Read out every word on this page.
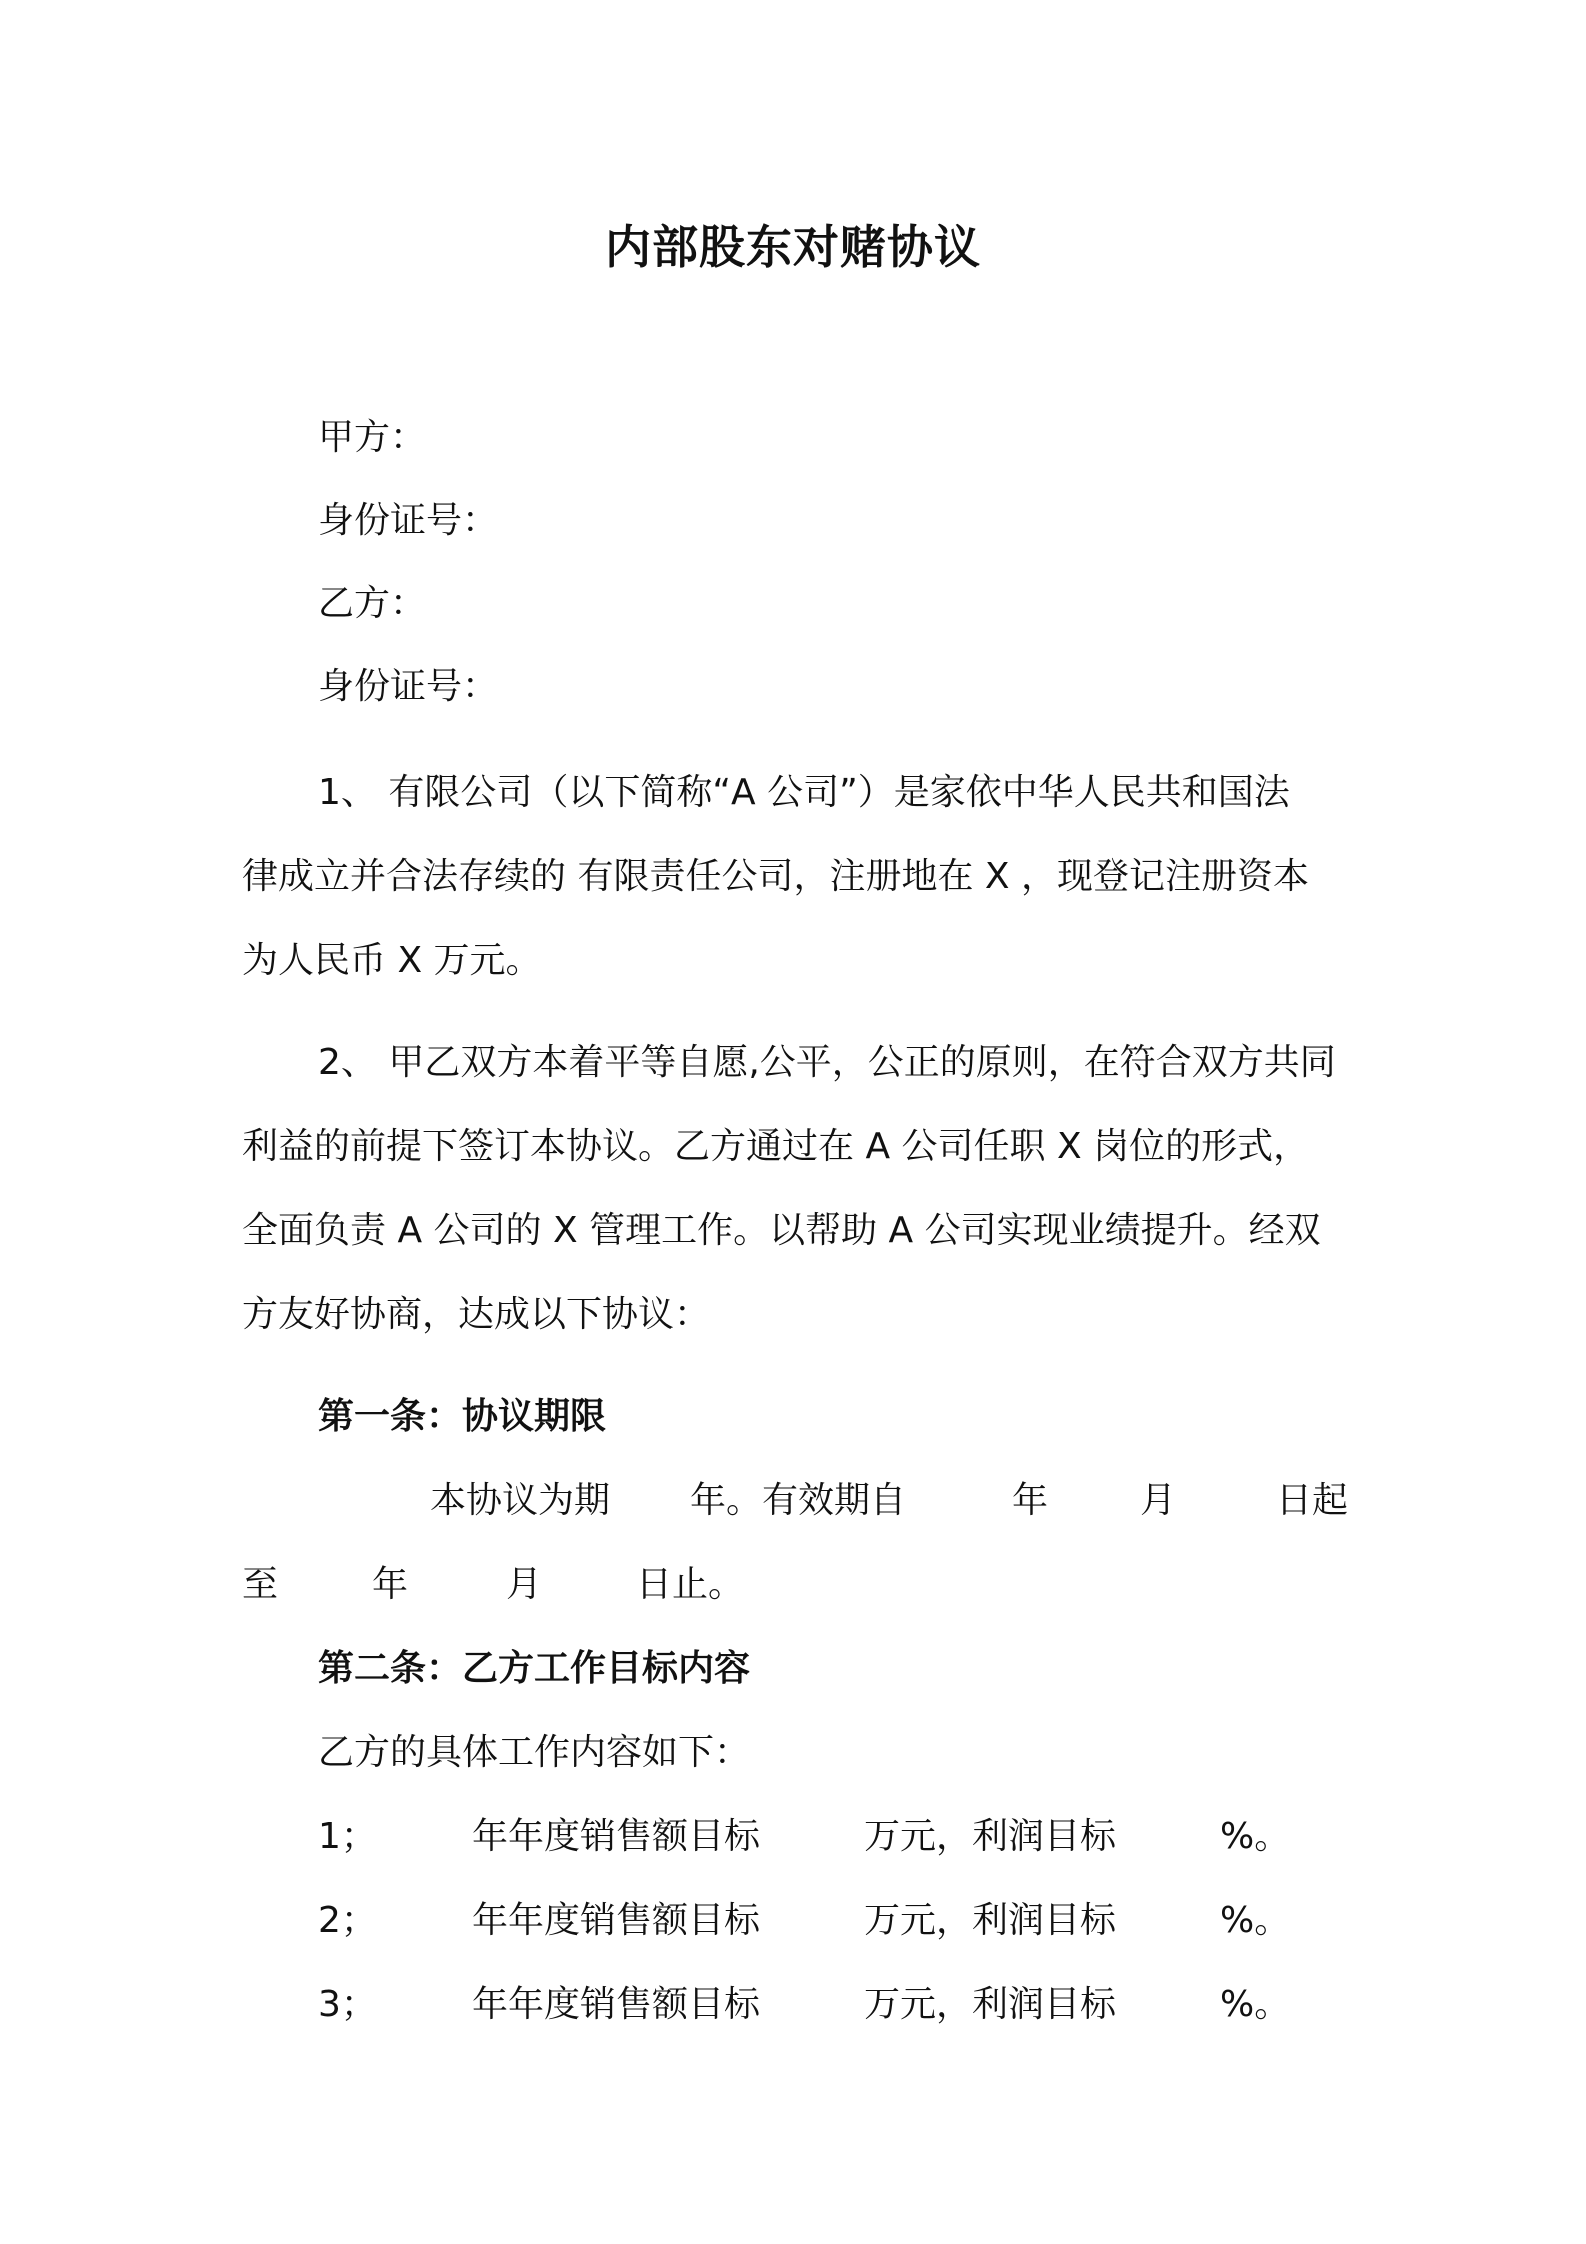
内部股东对赌协议
甲方：
身份证号：
乙方：
身份证号：
1、 有限公司（以下简称“A 公司”）是家依中华人民共和国法
律成立并合法存续的 有限责任公司，注册地在 X ，现登记注册资本
为人民币 X 万元。
2、 甲乙双方本着平等自愿,公平，公正的原则，在符合双方共同
利益的前提下签订本协议。乙方通过在 A 公司任职 X 岗位的形式，
全面负责 A 公司的 X 管理工作。以帮助 A 公司实现业绩提升。经双
方友好协商，达成以下协议：
第一条：协议期限
本协议为期 年。有效期自	年	月	日起
至	年	月	日止。
第二条：乙方工作目标内容
乙方的具体工作内容如下：
1；	年年度销售额目标	万元，利润目标	%。
2；	年年度销售额目标	万元，利润目标	%。
3；	年年度销售额目标	万元，利润目标	%。
